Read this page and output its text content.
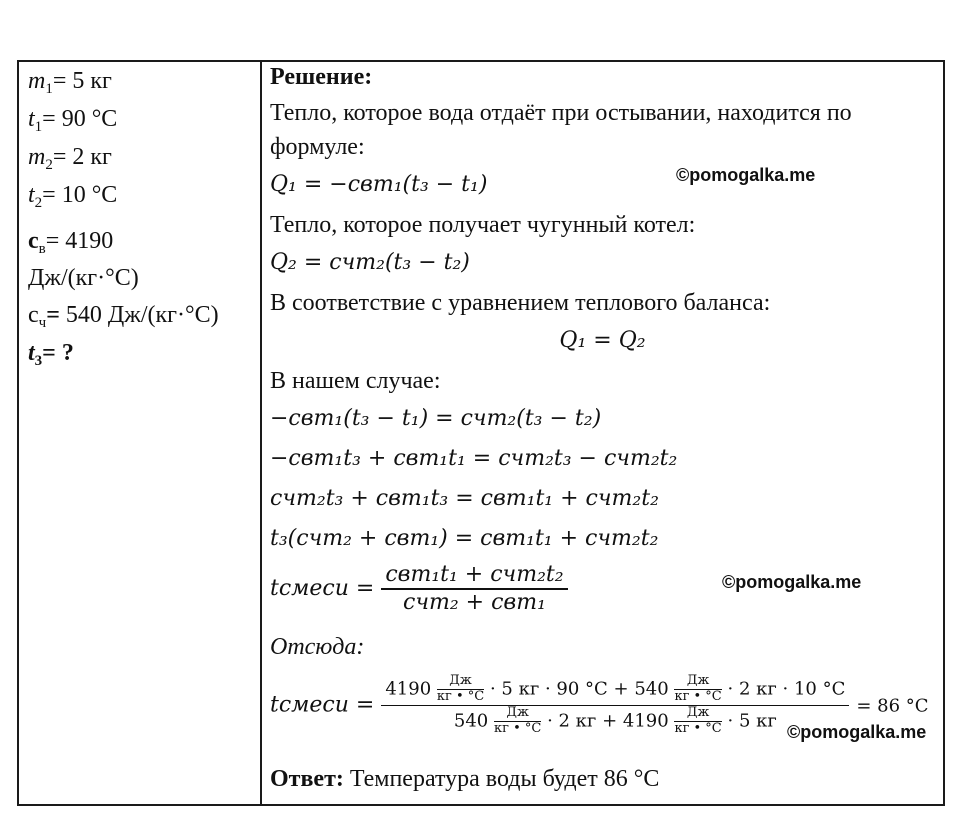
$m_1= 5$ кг
$t_1= 90$ °C
$m_2= 2$ кг
$t_2= 10$ °C
$с_в= 4190$
Дж/(кг·°C)
$с_ч= 540$ Дж/(кг·°C)
$t_3=$ ?
Решение:
Тепло, которое вода отдаёт при остывании, находится по
формуле:
Q₁ = −cвm₁(t₃ − t₁)
Тепло, которое получает чугунный котел:
Q₂ = cчm₂(t₃ − t₂)
В соответствие с уравнением теплового баланса:
Q₁ = Q₂
В нашем случае:
−cвm₁(t₃ − t₁) = cчm₂(t₃ − t₂)
−cвm₁t₃ + cвm₁t₁ = cчm₂t₃ − cчm₂t₂
cчm₂t₃ + cвm₁t₃ = cвm₁t₁ + cчm₂t₂
t₃(cчm₂ + cвm₁) = cвm₁t₁ + cчm₂t₂
tсмеси = $\frac{\text{cвm₁t₁ + cчm₂t₂}}{\text{cчm₂ + cвm₁}}$
Отсюда:
tсмеси =
4190 Дж
кг • °C · 5 кг · 90 °C + 540 Дж
кг • °C · 2 кг · 10 °C
540 Дж
кг • °C · 2 кг + 4190 Дж
кг • °C · 5 кг
= 86 °C
Ответ: Температура воды будет 86 °C
©pomogalka.me
©pomogalka.me
©pomogalka.me
